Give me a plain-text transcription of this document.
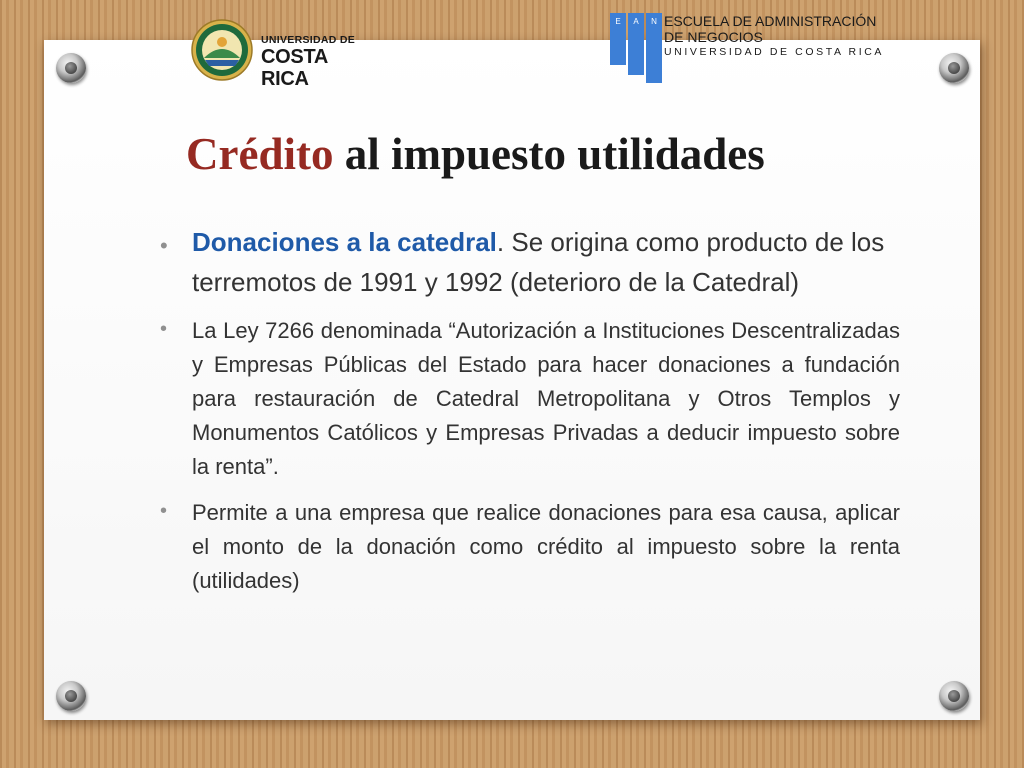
UNIVERSIDAD DE
COSTA RICA
E A N ESCUELA DE ADMINISTRACIÓN
DE NEGOCIOS
UNIVERSIDAD DE COSTA RICA
Crédito al impuesto utilidades
• Donaciones a la catedral. Se origina como producto de los terremotos de 1991 y 1992 (deterioro de la Catedral)
• La Ley 7266 denominada “Autorización a Instituciones Descentralizadas y Empresas Públicas del Estado para hacer donaciones a fundación para restauración de Catedral Metropolitana y Otros Templos y Monumentos Católicos y Empresas Privadas a deducir impuesto sobre la renta”.
• Permite a una empresa que realice donaciones para esa causa, aplicar el monto de la donación como crédito al impuesto sobre la renta (utilidades)
